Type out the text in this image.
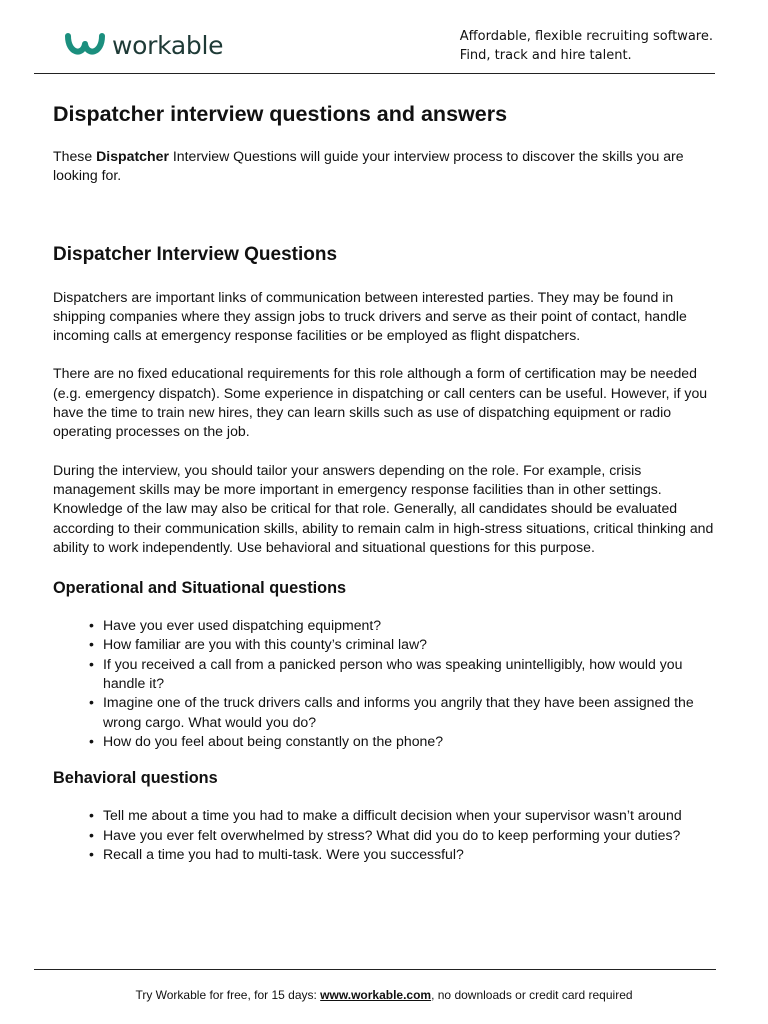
workable	Affordable, flexible recruiting software.
Find, track and hire talent.
Dispatcher interview questions and answers

These Dispatcher Interview Questions will guide your interview process to discover the skills you are looking for.

Dispatcher Interview Questions

Dispatchers are important links of communication between interested parties. They may be found in shipping companies where they assign jobs to truck drivers and serve as their point of contact, handle incoming calls at emergency response facilities or be employed as flight dispatchers.

There are no fixed educational requirements for this role although a form of certification may be needed (e.g. emergency dispatch). Some experience in dispatching or call centers can be useful. However, if you have the time to train new hires, they can learn skills such as use of dispatching equipment or radio operating processes on the job.

During the interview, you should tailor your answers depending on the role. For example, crisis management skills may be more important in emergency response facilities than in other settings. Knowledge of the law may also be critical for that role. Generally, all candidates should be evaluated according to their communication skills, ability to remain calm in high-stress situations, critical thinking and ability to work independently. Use behavioral and situational questions for this purpose.

Operational and Situational questions
• Have you ever used dispatching equipment?
• How familiar are you with this county’s criminal law?
• If you received a call from a panicked person who was speaking unintelligibly, how would you handle it?
• Imagine one of the truck drivers calls and informs you angrily that they have been assigned the wrong cargo. What would you do?
• How do you feel about being constantly on the phone?
Behavioral questions
• Tell me about a time you had to make a difficult decision when your supervisor wasn’t around
• Have you ever felt overwhelmed by stress? What did you do to keep performing your duties?
• Recall a time you had to multi-task. Were you successful?
Try Workable for free, for 15 days: www.workable.com, no downloads or credit card required
